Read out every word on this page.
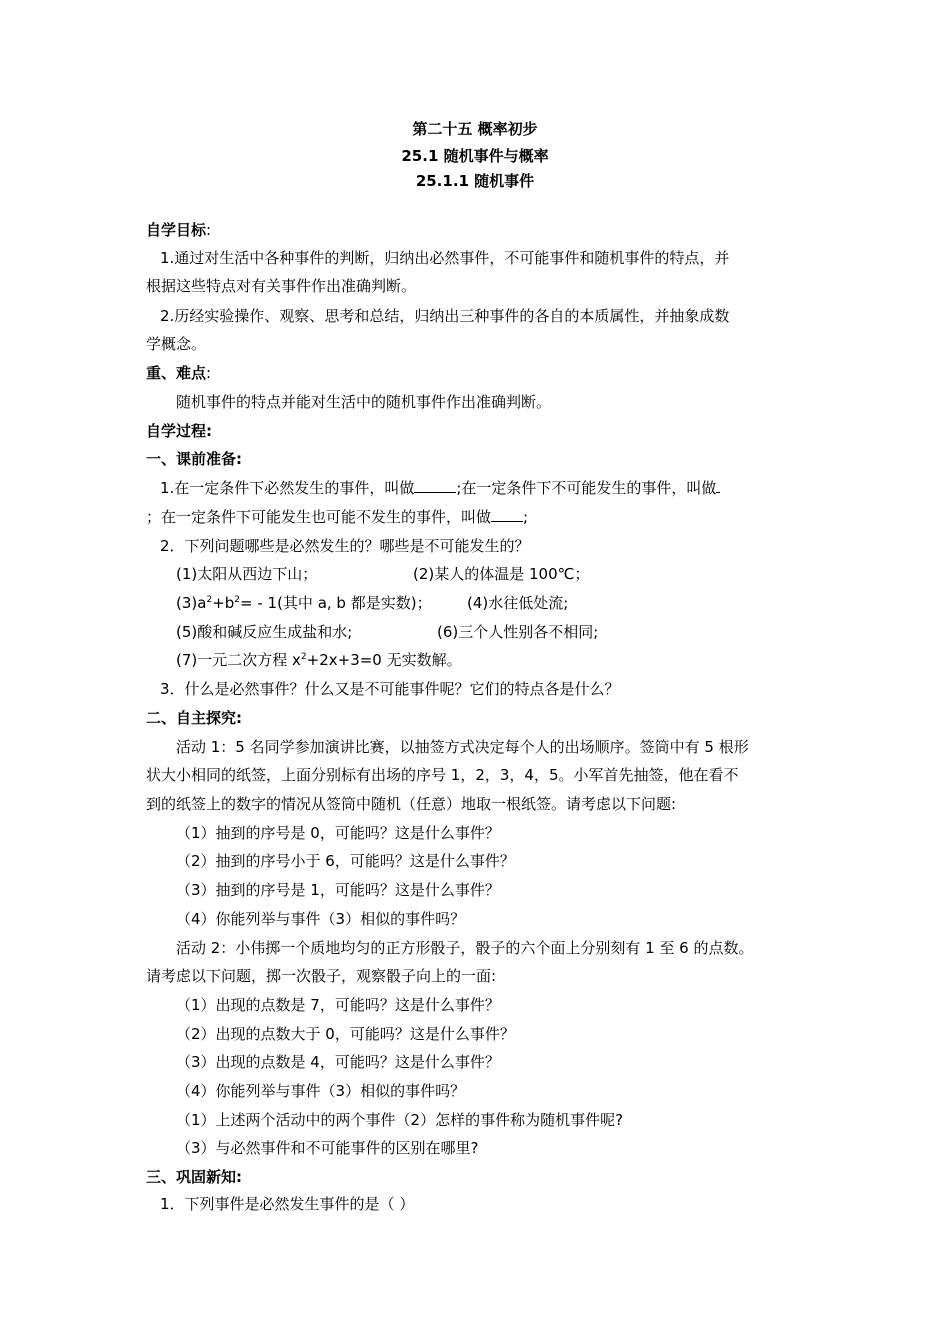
第二十五 概率初步
25.1 随机事件与概率
25.1.1 随机事件
自学目标:
1.通过对生活中各种事件的判断，归纳出必然事件，不可能事件和随机事件的特点，并
根据这些特点对有关事件作出准确判断。
2.历经实验操作、观察、思考和总结，归纳出三种事件的各自的本质属性，并抽象成数
学概念。
重、难点:
随机事件的特点并能对生活中的随机事件作出准确判断。
自学过程:
一、课前准备:
1.在一定条件下必然发生的事件，叫做	;在一定条件下不可能发生的事件，叫做
；在一定条件下可能发生也可能不发生的事件，叫做 ;
2．下列问题哪些是必然发生的？哪些是不可能发生的？
(1)太阳从西边下山；	(2)某人的体温是 100℃；
$(3)a^2+b^2= - 1$(其中 a, b 都是实数)； (4)水往低处流;
(5)酸和碱反应生成盐和水;	(6)三个人性别各不相同;
(7)一元二次方程 $x^2+2x+3=0$ 无实数解。
3．什么是必然事件？什么又是不可能事件呢？它们的特点各是什么？
二、自主探究:
活动 1：5 名同学参加演讲比赛，以抽签方式决定每个人的出场顺序。签筒中有 5 根形
状大小相同的纸签，上面分别标有出场的序号 1，2，3，4，5。小军首先抽签，他在看不
到的纸签上的数字的情况从签筒中随机（任意）地取一根纸签。请考虑以下问题:
（1）抽到的序号是 0，可能吗？这是什么事件？
（2）抽到的序号小于 6，可能吗？这是什么事件？
（3）抽到的序号是 1，可能吗？这是什么事件？
（4）你能列举与事件（3）相似的事件吗？
活动 2：小伟掷一个质地均匀的正方形骰子，骰子的六个面上分别刻有 1 至 6 的点数。
请考虑以下问题，掷一次骰子，观察骰子向上的一面:
（1）出现的点数是 7，可能吗？这是什么事件？
（2）出现的点数大于 0，可能吗？这是什么事件？
（3）出现的点数是 4，可能吗？这是什么事件？
（4）你能列举与事件（3）相似的事件吗？
（1）上述两个活动中的两个事件（2）怎样的事件称为随机事件呢?
（3）与必然事件和不可能事件的区别在哪里?
三、巩固新知:
1．下列事件是必然发生事件的是（ ）
